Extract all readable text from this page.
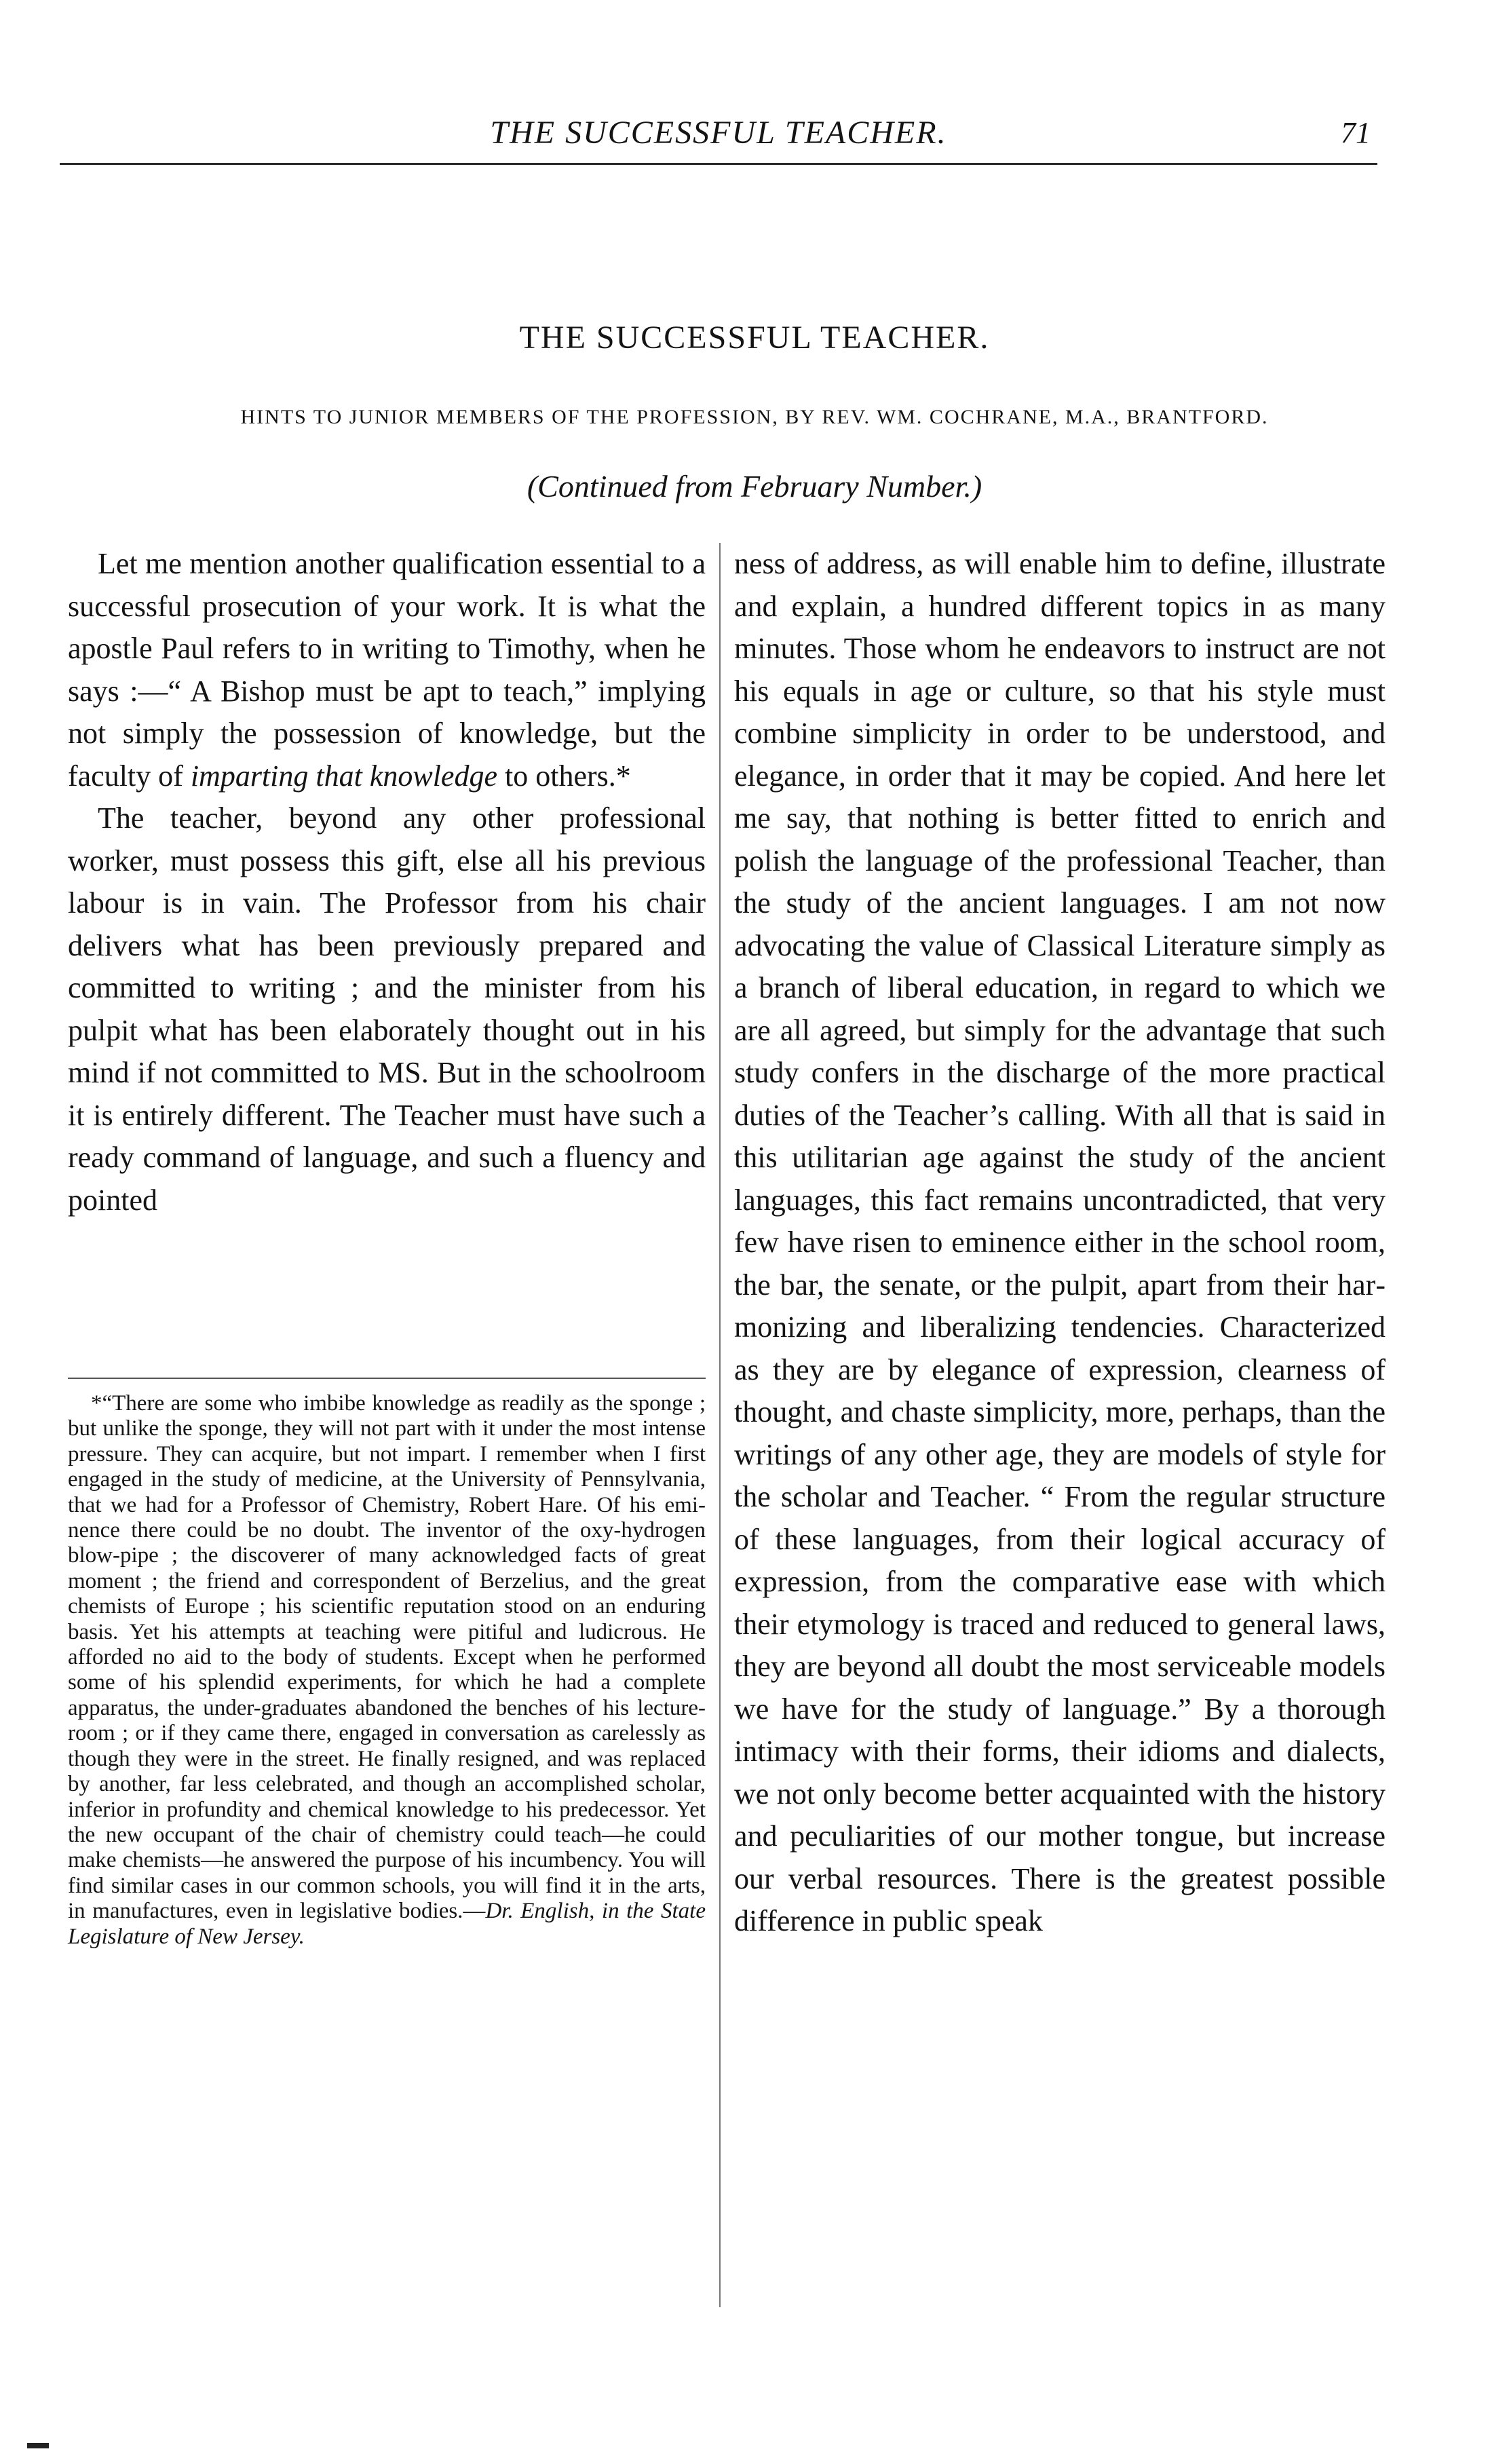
THE SUCCESSFUL TEACHER.	71
THE SUCCESSFUL TEACHER.
HINTS TO JUNIOR MEMBERS OF THE PROFESSION, BY REV. WM. COCHRANE, M.A., BRANTFORD.
(Continued from February Number.)

Let me mention another qualification essential to a successful prosecution of your work. It is what the apostle Paul refers to in writing to Timothy, when he says :—“ A Bishop must be apt to teach,” implying not simply the possession of knowledge, but the faculty of imparting that knowledge to others.*

The teacher, beyond any other professional worker, must possess this gift, else all his previous labour is in vain. The Professor from his chair delivers what has been previously prepared and committed to writing ; and the minister from his pulpit what has been elaborately thought out in his mind if not committed to MS. But in the schoolroom it is entirely different. The Teacher must have such a ready command of language, and such a fluency and pointed

ness of address, as will enable him to define, illustrate and explain, a hundred different topics in as many minutes. Those whom he endeavors to instruct are not his equals in age or culture, so that his style must combine simplicity in order to be understood, and elegance, in order that it may be copied. And here let me say, that nothing is better fitted to enrich and polish the language of the professional Teacher, than the study of the ancient languages. I am not now advocating the value of Classical Literature simply as a branch of liberal education, in regard to which we are all agreed, but simply for the advantage that such study confers in the discharge of the more practical duties of the Teacher’s calling. With all that is said in this utilitarian age against the study of the ancient languages, this fact remains uncontradicted, that very few have risen to eminence either in the school room, the bar, the senate, or the pulpit, apart from their harmonizing and liberalizing tendencies. Characterized as they are by elegance of expression, clearness of thought, and chaste simplicity, more, perhaps, than the writings of any other age, they are models of style for the scholar and Teacher. “ From the regular structure of these languages, from their logical accuracy of expression, from the comparative ease with which their etymology is traced and reduced to general laws, they are beyond all doubt the most serviceable models we have for the study of language.” By a thorough intimacy with their forms, their idioms and dialects, we not only become better acquainted with the history and peculiarities of our mother tongue, but increase our verbal resources. There is the greatest possible difference in public speak

*“There are some who imbibe knowledge as readily as the sponge ; but unlike the sponge, they will not part with it under the most intense pressure. They can acquire, but not impart. I remember when I first engaged in the study of medicine, at the University of Pennsylvania, that we had for a Professor of Chemistry, Robert Hare. Of his eminence there could be no doubt. The inventor of the oxy-hydrogen blow-pipe ; the discoverer of many acknowledged facts of great moment ; the friend and correspondent of Berzelius, and the great chemists of Europe ; his scientific reputation stood on an enduring basis. Yet his attempts at teaching were pitiful and ludicrous. He afforded no aid to the body of students. Except when he performed some of his splendid experiments, for which he had a complete apparatus, the under-graduates abandoned the benches of his lecture-room ; or if they came there, engaged in conversation as carelessly as though they were in the street. He finally resigned, and was replaced by another, far less celebrated, and though an accomplished scholar, inferior in profundity and chemical knowledge to his predecessor. Yet the new occupant of the chair of chemistry could teach—he could make chemists—he answered the purpose of his incumbency. You will find similar cases in our common schools, you will find it in the arts, in manufactures, even in legislative bodies.—Dr. English, in the State Legislature of New Jersey.
